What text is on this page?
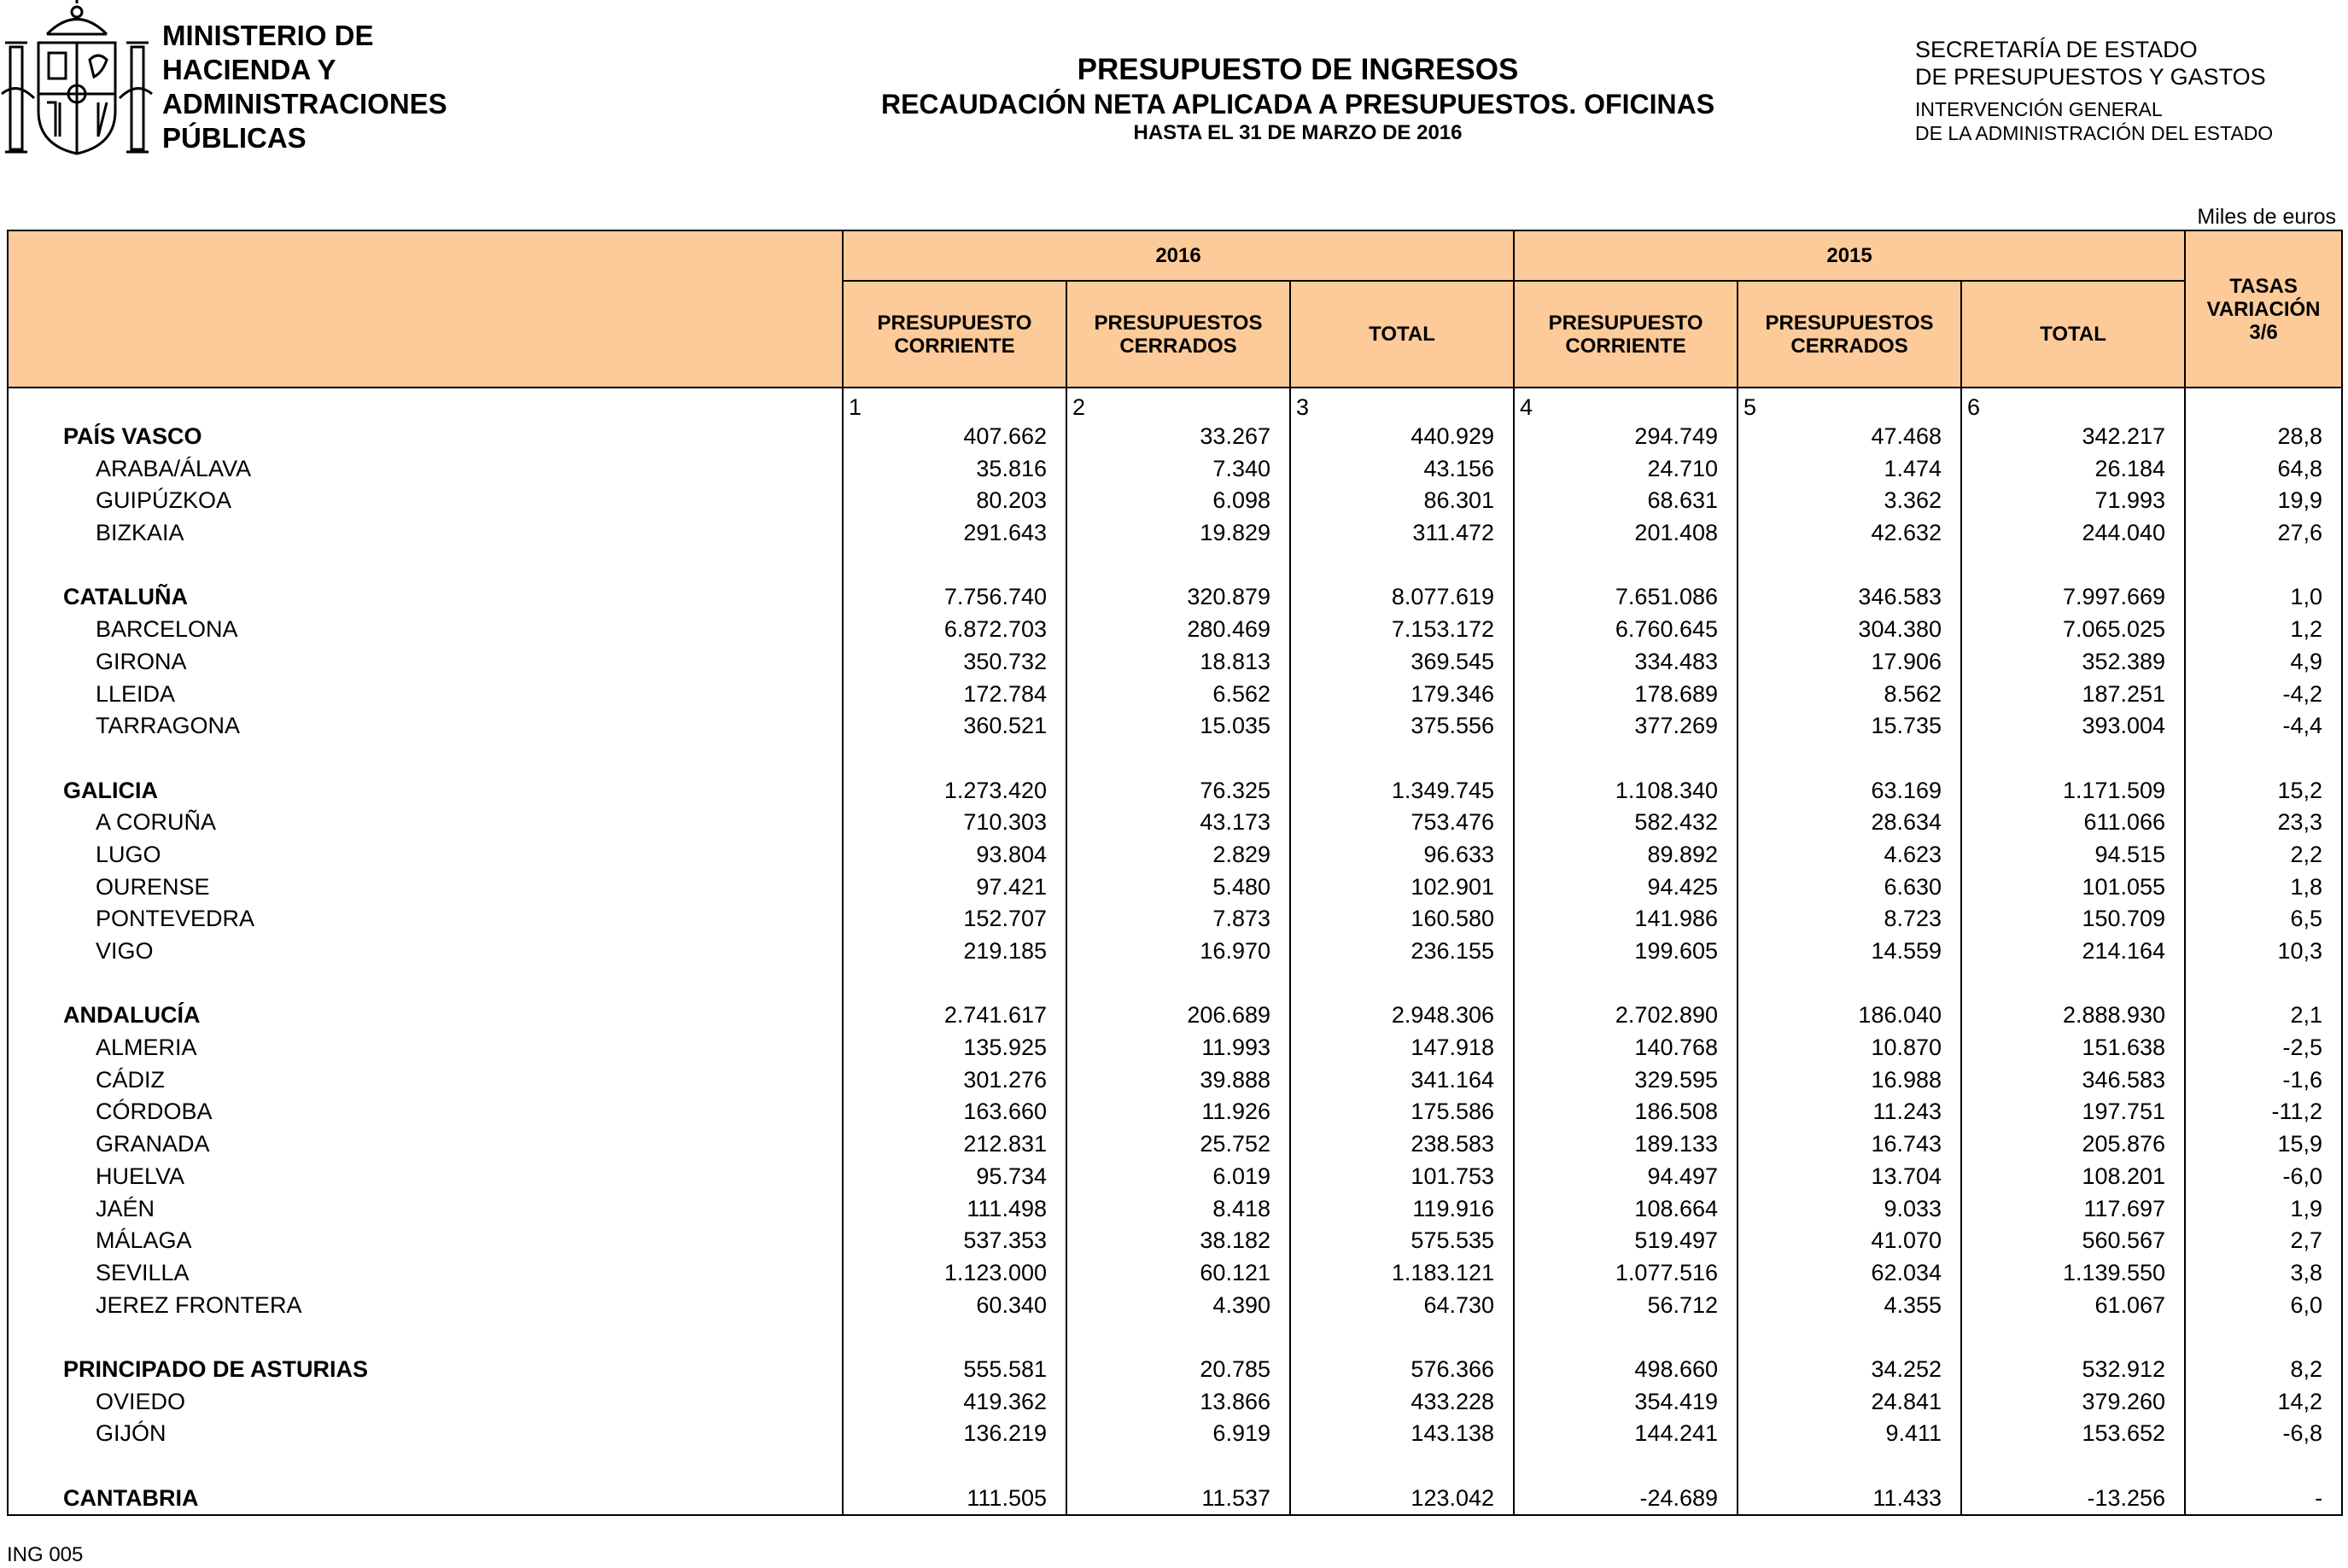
MINISTERIO DE
HACIENDA Y
ADMINISTRACIONES
PÚBLICAS
PRESUPUESTO DE INGRESOS
RECAUDACIÓN NETA APLICADA A PRESUPUESTOS. OFICINAS
HASTA EL 31 DE MARZO DE 2016
SECRETARÍA DE ESTADO
DE PRESUPUESTOS Y GASTOS
INTERVENCIÓN GENERAL
DE LA ADMINISTRACIÓN DEL ESTADO
Miles de euros
	2016			2015			TASAS VARIACIÓN 3/6
	PRESUPUESTO CORRIENTE	PRESUPUESTOS CERRADOS	TOTAL	PRESUPUESTO CORRIENTE	PRESUPUESTOS CERRADOS	TOTAL	
	1	2	3	4	5	6	
PAÍS VASCO	407.662	33.267	440.929	294.749	47.468	342.217	28,8
ARABA/ÁLAVA	35.816	7.340	43.156	24.710	1.474	26.184	64,8
GUIPÚZKOA	80.203	6.098	86.301	68.631	3.362	71.993	19,9
BIZKAIA	291.643	19.829	311.472	201.408	42.632	244.040	27,6

CATALUÑA	7.756.740	320.879	8.077.619	7.651.086	346.583	7.997.669	1,0
BARCELONA	6.872.703	280.469	7.153.172	6.760.645	304.380	7.065.025	1,2
GIRONA	350.732	18.813	369.545	334.483	17.906	352.389	4,9
LLEIDA	172.784	6.562	179.346	178.689	8.562	187.251	-4,2
TARRAGONA	360.521	15.035	375.556	377.269	15.735	393.004	-4,4

GALICIA	1.273.420	76.325	1.349.745	1.108.340	63.169	1.171.509	15,2
A CORUÑA	710.303	43.173	753.476	582.432	28.634	611.066	23,3
LUGO	93.804	2.829	96.633	89.892	4.623	94.515	2,2
OURENSE	97.421	5.480	102.901	94.425	6.630	101.055	1,8
PONTEVEDRA	152.707	7.873	160.580	141.986	8.723	150.709	6,5
VIGO	219.185	16.970	236.155	199.605	14.559	214.164	10,3

ANDALUCÍA	2.741.617	206.689	2.948.306	2.702.890	186.040	2.888.930	2,1
ALMERIA	135.925	11.993	147.918	140.768	10.870	151.638	-2,5
CÁDIZ	301.276	39.888	341.164	329.595	16.988	346.583	-1,6
CÓRDOBA	163.660	11.926	175.586	186.508	11.243	197.751	-11,2
GRANADA	212.831	25.752	238.583	189.133	16.743	205.876	15,9
HUELVA	95.734	6.019	101.753	94.497	13.704	108.201	-6,0
JAÉN	111.498	8.418	119.916	108.664	9.033	117.697	1,9
MÁLAGA	537.353	38.182	575.535	519.497	41.070	560.567	2,7
SEVILLA	1.123.000	60.121	1.183.121	1.077.516	62.034	1.139.550	3,8
JEREZ FRONTERA	60.340	4.390	64.730	56.712	4.355	61.067	6,0

PRINCIPADO DE ASTURIAS	555.581	20.785	576.366	498.660	34.252	532.912	8,2
OVIEDO	419.362	13.866	433.228	354.419	24.841	379.260	14,2
GIJÓN	136.219	6.919	143.138	144.241	9.411	153.652	-6,8

CANTABRIA	111.505	11.537	123.042	-24.689	11.433	-13.256	-
ING 005
